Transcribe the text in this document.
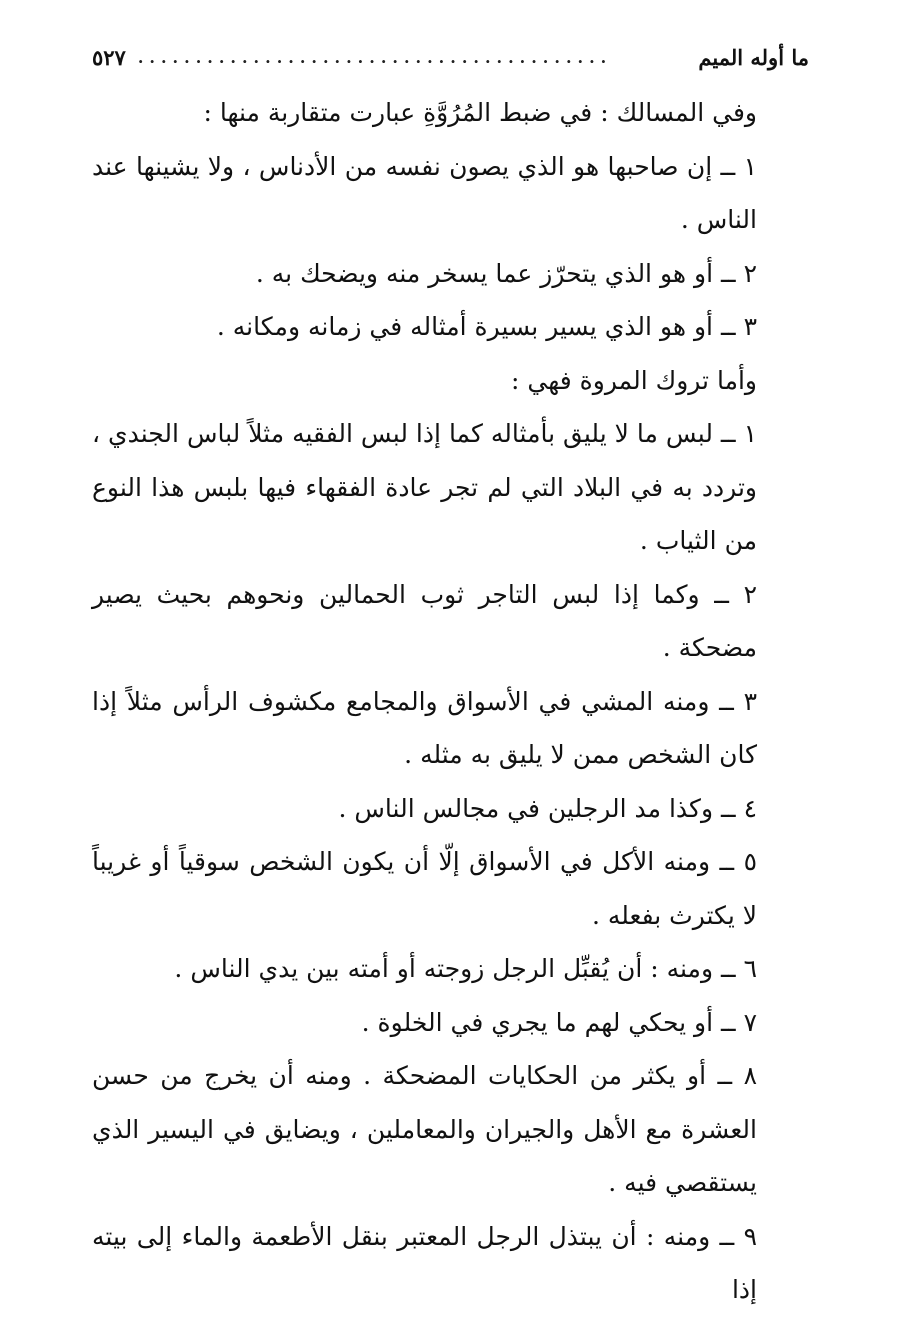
ما أوله الميم
.........................................
٥٢٧

وفي المسالك : في ضبط المُرُوَّةِ عبارت متقاربة منها :

١ ــ إن صاحبها هو الذي يصون نفسه من الأدناس ، ولا يشينها عند الناس .

٢ ــ أو هو الذي يتحرّز عما يسخر منه ويضحك به .

٣ ــ أو هو الذي يسير بسيرة أمثاله في زمانه ومكانه .

وأما تروك المروة فهي :

١ ــ لبس ما لا يليق بأمثاله كما إذا لبس الفقيه مثلاً لباس الجندي ، وتردد به في البلاد التي لم تجر عادة الفقهاء فيها بلبس هذا النوع من الثياب .

٢ ــ وكما إذا لبس التاجر ثوب الحمالين ونحوهم بحيث يصير مضحكة .

٣ ــ ومنه المشي في الأسواق والمجامع مكشوف الرأس مثلاً إذا كان الشخص ممن لا يليق به مثله .

٤ ــ وكذا مد الرجلين في مجالس الناس .

٥ ــ ومنه الأكل في الأسواق إلّا أن يكون الشخص سوقياً أو غريباً لا يكترث بفعله .

٦ ــ ومنه : أن يُقبِّل الرجل زوجته أو أمته بين يدي الناس .

٧ ــ أو يحكي لهم ما يجري في الخلوة .

٨ ــ أو يكثر من الحكايات المضحكة . ومنه أن يخرج من حسن العشرة مع الأهل والجيران والمعاملين ، ويضايق في اليسير الذي يستقصي فيه .

٩ ــ ومنه : أن يبتذل الرجل المعتبر بنقل الأطعمة والماء إلى بيته إذا
